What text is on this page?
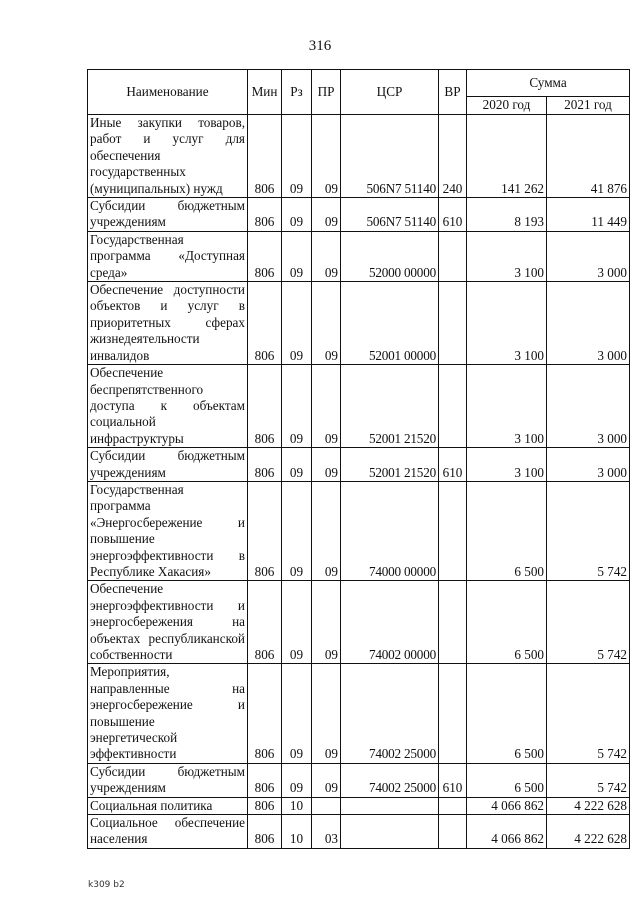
316
Наименование	Мин	Рз	ПР	ЦСР	ВР	Сумма	
						2020 год	2021 год
Иные закупки товаров, работ и услуг для обеспечения государственных (муниципальных) нужд	806	09	09	506N7 51140	240	141 262	41 876
Субсидии бюджетным учреждениям	806	09	09	506N7 51140	610	8 193	11 449
Государственная программа «Доступная среда»	806	09	09	52000 00000		3 100	3 000
Обеспечение доступности объектов и услуг в приоритетных сферах жизнедеятельности инвалидов	806	09	09	52001 00000		3 100	3 000
Обеспечение беспрепятственного доступа к объектам социальной инфраструктуры	806	09	09	52001 21520		3 100	3 000
Субсидии бюджетным учреждениям	806	09	09	52001 21520	610	3 100	3 000
Государственная программа «Энергосбережение и повышение энергоэффективности в Республике Хакасия»	806	09	09	74000 00000		6 500	5 742
Обеспечение энергоэффективности и энергосбережения на объектах республиканской собственности	806	09	09	74002 00000		6 500	5 742
Мероприятия, направленные на энергосбережение и повышение энергетической эффективности	806	09	09	74002 25000		6 500	5 742
Субсидии бюджетным учреждениям	806	09	09	74002 25000	610	6 500	5 742
Социальная политика	806	10				4 066 862	4 222 628
Социальное обеспечение населения	806	10	03			4 066 862	4 222 628
k309 b2
